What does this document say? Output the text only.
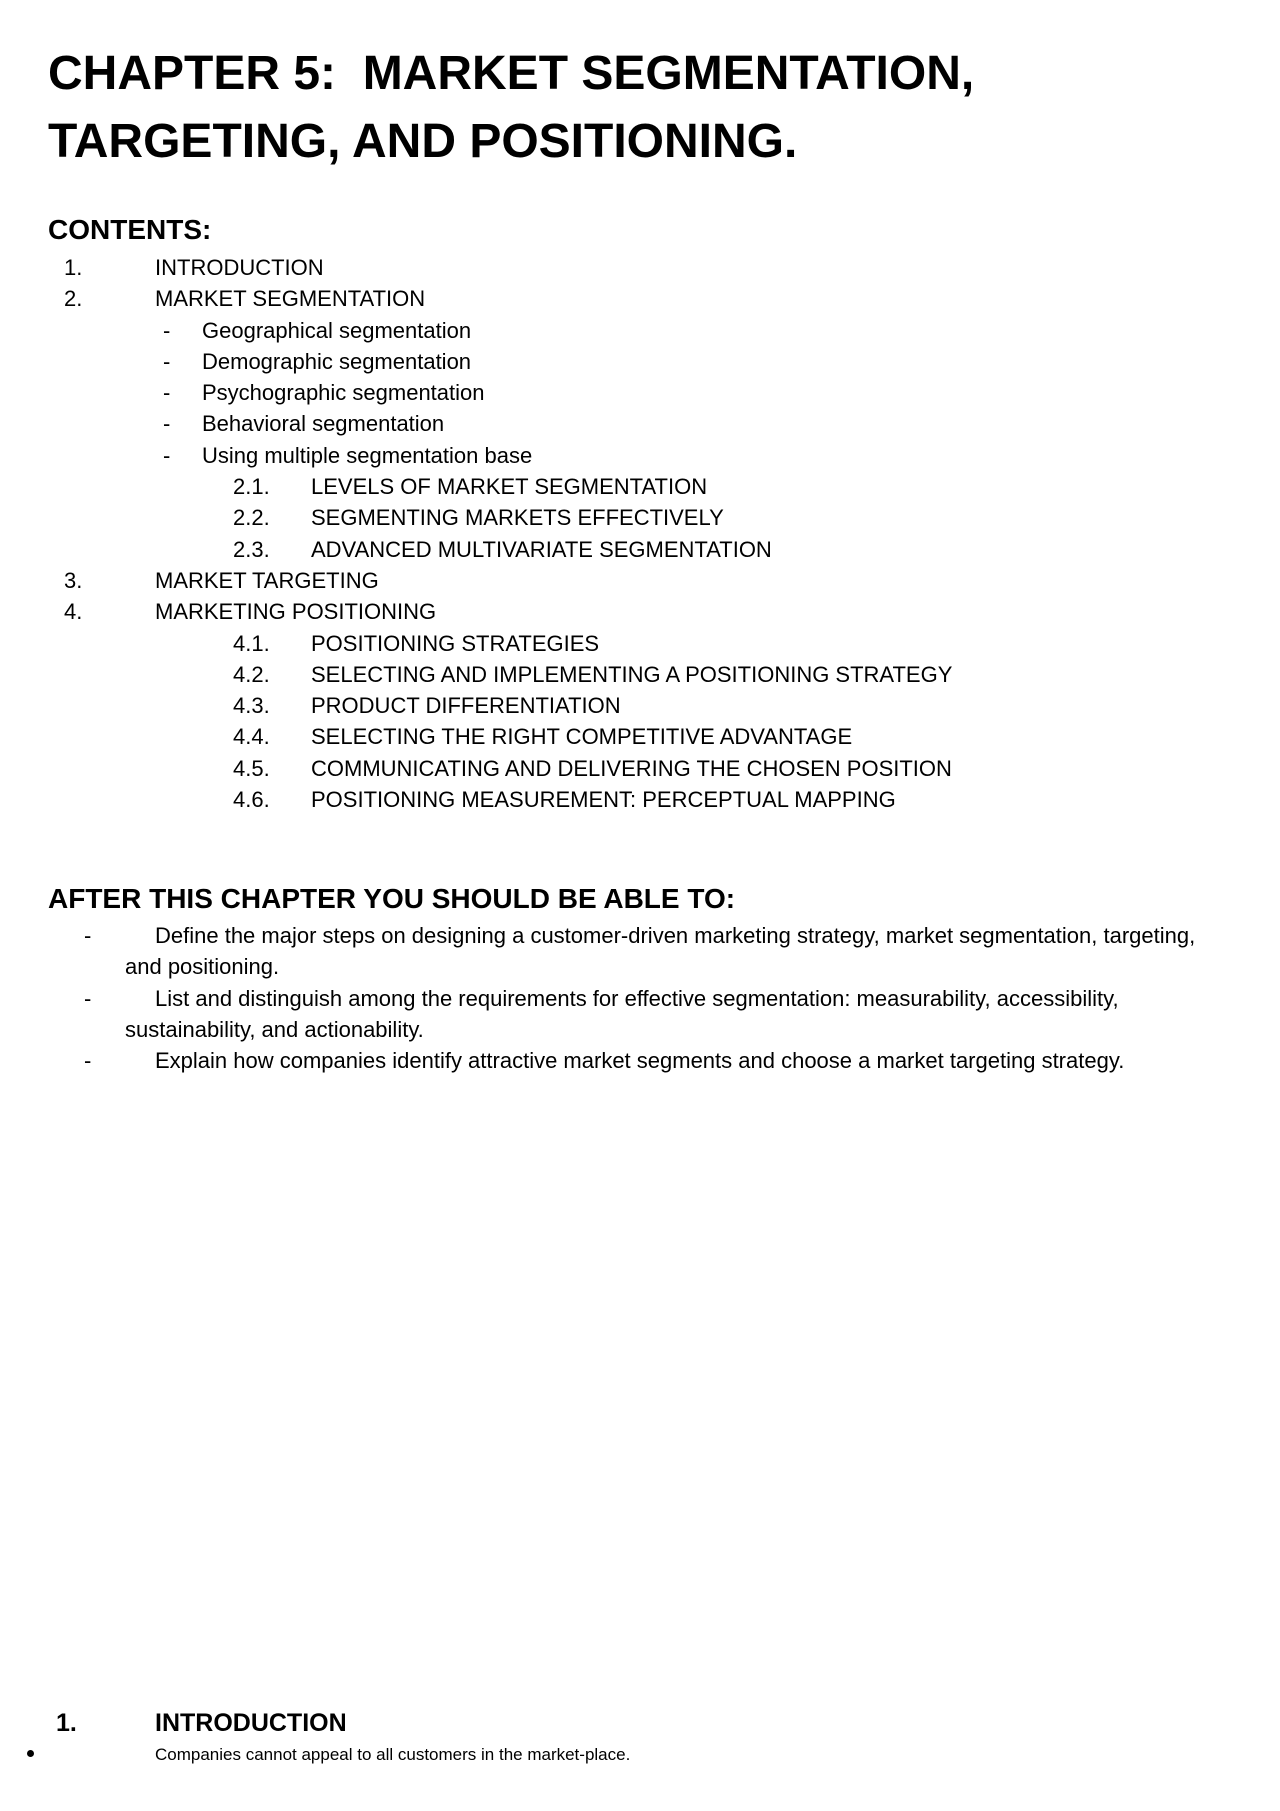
CHAPTER 5:  MARKET SEGMENTATION,
TARGETING, AND POSITIONING.
CONTENTS:
1.	INTRODUCTION
2.	MARKET SEGMENTATION
- Geographical segmentation
- Demographic segmentation
- Psychographic segmentation
- Behavioral segmentation
- Using multiple segmentation base
2.1. LEVELS OF MARKET SEGMENTATION
2.2. SEGMENTING MARKETS EFFECTIVELY
2.3. ADVANCED MULTIVARIATE SEGMENTATION
3.	MARKET TARGETING
4.	MARKETING POSITIONING
4.1. POSITIONING STRATEGIES
4.2. SELECTING AND IMPLEMENTING A POSITIONING STRATEGY
4.3. PRODUCT DIFFERENTIATION
4.4. SELECTING THE RIGHT COMPETITIVE ADVANTAGE
4.5. COMMUNICATING AND DELIVERING THE CHOSEN POSITION
4.6. POSITIONING MEASUREMENT: PERCEPTUAL MAPPING
AFTER THIS CHAPTER YOU SHOULD BE ABLE TO:
-	Define the major steps on designing a customer-driven marketing strategy, market segmentation, targeting, and positioning.
-	List and distinguish among the requirements for effective segmentation: measurability, accessibility, sustainability, and actionability.
-	Explain how companies identify attractive market segments and choose a market targeting strategy.
1.	INTRODUCTION
Companies cannot appeal to all customers in the market-place.
